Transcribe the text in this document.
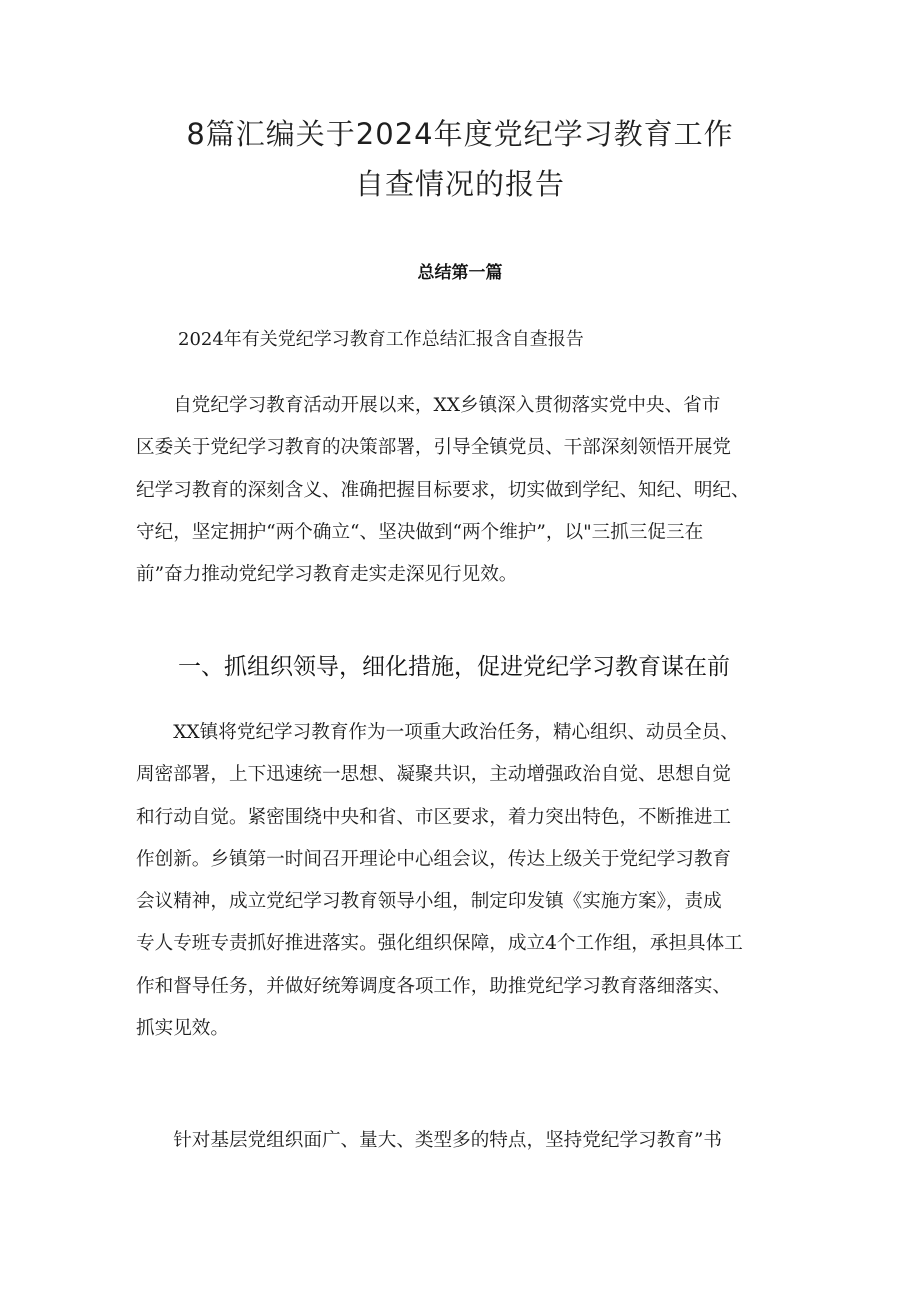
8篇汇编关于2024年度党纪学习教育工作
自查情况的报告
总结第一篇
2024年有关党纪学习教育工作总结汇报含自查报告
　　自党纪学习教育活动开展以来，XX乡镇深入贯彻落实党中央、省市
区委关于党纪学习教育的决策部署，引导全镇党员、干部深刻领悟开展党
纪学习教育的深刻含义、准确把握目标要求，切实做到学纪、知纪、明纪、
守纪，坚定拥护“两个确立“、坚决做到“两个维护”，以"三抓三促三在
前”奋力推动党纪学习教育走实走深见行见效。
一、抓组织领导，细化措施，促进党纪学习教育谋在前
　　XX镇将党纪学习教育作为一项重大政治任务，精心组织、动员全员、
周密部署，上下迅速统一思想、凝聚共识，主动增强政治自觉、思想自觉
和行动自觉。紧密围绕中央和省、市区要求，着力突出特色，不断推进工
作创新。乡镇第一时间召开理论中心组会议，传达上级关于党纪学习教育
会议精神，成立党纪学习教育领导小组，制定印发镇《实施方案》，责成
专人专班专责抓好推进落实。强化组织保障，成立4个工作组，承担具体工
作和督导任务，并做好统筹调度各项工作，助推党纪学习教育落细落实、
抓实见效。
　　针对基层党组织面广、量大、类型多的特点，坚持党纪学习教育”书
